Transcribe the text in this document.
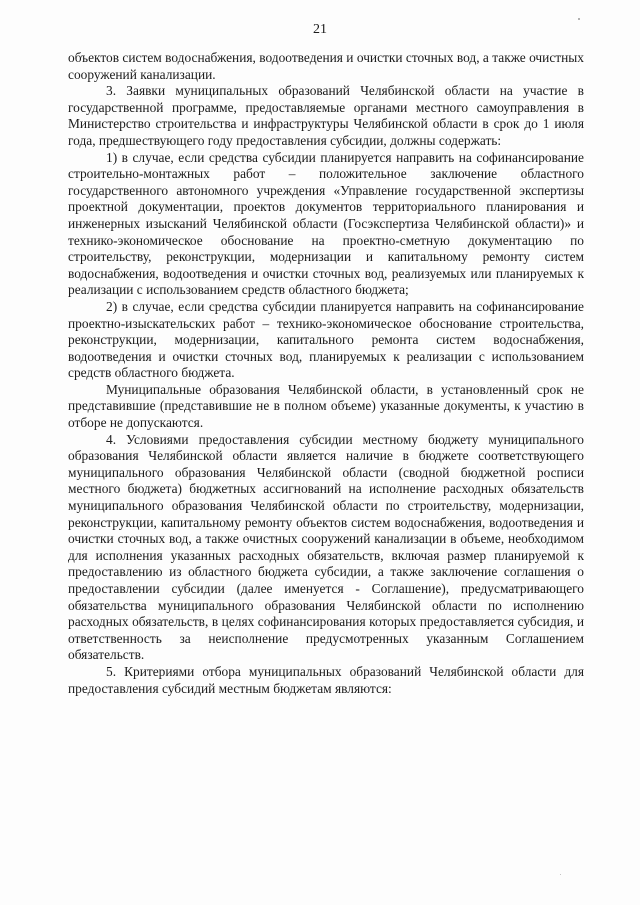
21

объектов систем водоснабжения, водоотведения и очистки сточных вод, а также очистных сооружений канализации.

3. Заявки муниципальных образований Челябинской области на участие в государственной программе, предоставляемые органами местного самоуправления в Министерство строительства и инфраструктуры Челябинской области в срок до 1 июля года, предшествующего году предоставления субсидии, должны содержать:

1) в случае, если средства субсидии планируется направить на софинансирование строительно-монтажных работ – положительное заключение областного государственного автономного учреждения «Управление государственной экспертизы проектной документации, проектов документов территориального планирования и инженерных изысканий Челябинской области (Госэкспертиза Челябинской области)» и технико-экономическое обоснование на проектно-сметную документацию по строительству, реконструкции, модернизации и капитальному ремонту систем водоснабжения, водоотведения и очистки сточных вод, реализуемых или планируемых к реализации с использованием средств областного бюджета;

2) в случае, если средства субсидии планируется направить на софинансирование проектно-изыскательских работ – технико-экономическое обоснование строительства, реконструкции, модернизации, капитального ремонта систем водоснабжения, водоотведения и очистки сточных вод, планируемых к реализации с использованием средств областного бюджета.

Муниципальные образования Челябинской области, в установленный срок не представившие (представившие не в полном объеме) указанные документы, к участию в отборе не допускаются.

4. Условиями предоставления субсидии местному бюджету муниципального образования Челябинской области является наличие в бюджете соответствующего муниципального образования Челябинской области (сводной бюджетной росписи местного бюджета) бюджетных ассигнований на исполнение расходных обязательств муниципального образования Челябинской области по строительству, модернизации, реконструкции, капитальному ремонту объектов систем водоснабжения, водоотведения и очистки сточных вод, а также очистных сооружений канализации в объеме, необходимом для исполнения указанных расходных обязательств, включая размер планируемой к предоставлению из областного бюджета субсидии, а также заключение соглашения о предоставлении субсидии (далее именуется - Соглашение), предусматривающего обязательства муниципального образования Челябинской области по исполнению расходных обязательств, в целях софинансирования которых предоставляется субсидия, и ответственность за неисполнение предусмотренных указанным Соглашением обязательств.

5. Критериями отбора муниципальных образований Челябинской области для предоставления субсидий местным бюджетам являются:
